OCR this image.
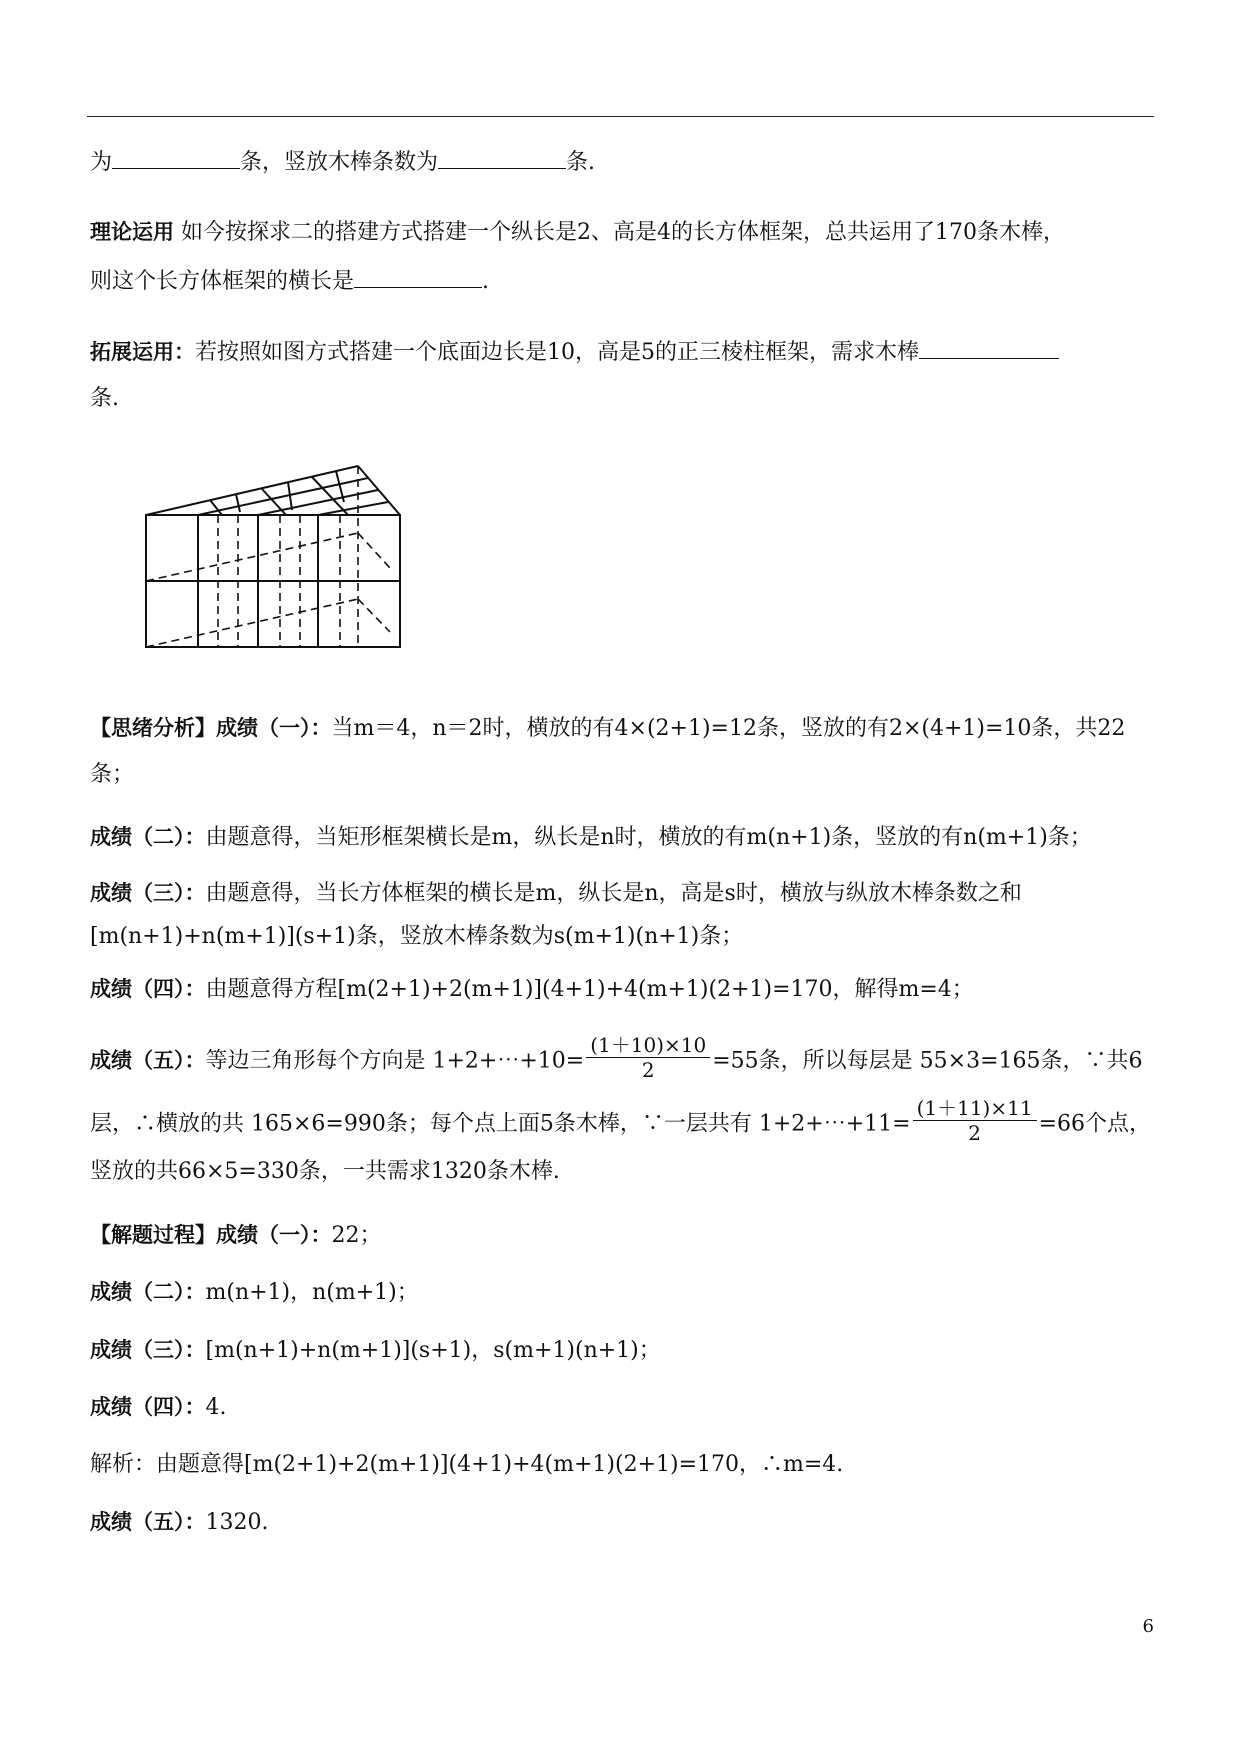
为	条，竖放木棒条数为	条.
理论运用 如今按探求二的搭建方式搭建一个纵长是2、高是4的长方体框架，总共运用了170条木棒，
则这个长方体框架的横长是	.
拓展运用：若按照如图方式搭建一个底面边长是10，高是5的正三棱柱框架，需求木棒
条.
【思绪分析】成绩（一）：当m＝4，n＝2时，横放的有4×(2+1)=12条，竖放的有2×(4+1)=10条，共22
条；
成绩（二）：由题意得，当矩形框架横长是m，纵长是n时，横放的有m(n+1)条，竖放的有n(m+1)条；
成绩（三）：由题意得，当长方体框架的横长是m，纵长是n，高是s时，横放与纵放木棒条数之和
[m(n+1)+n(m+1)](s+1)条，竖放木棒条数为s(m+1)(n+1)条；
成绩（四）：由题意得方程[m(2+1)+2(m+1)](4+1)+4(m+1)(2+1)=170，解得m=4；
成绩（五）：等边三角形每个方向是 1+2+⋯+10= $\frac{(1+10)\times 10}{2} =55$条，所以每层是 55×3=165条，∵共6
层，∴横放的共 165×6=990条；每个点上面5条木棒，∵一层共有 1+2+⋯+11= $\frac{(1+11)\times 11}{2} =66$个点，
竖放的共66×5=330条，一共需求1320条木棒.
【解题过程】成绩（一）：22；
成绩（二）：m(n+1)，n(m+1)；
成绩（三）：[m(n+1)+n(m+1)](s+1)，s(m+1)(n+1)；
成绩（四）：4.
解析：由题意得[m(2+1)+2(m+1)](4+1)+4(m+1)(2+1)=170，∴m=4.
成绩（五）：1320.
6
